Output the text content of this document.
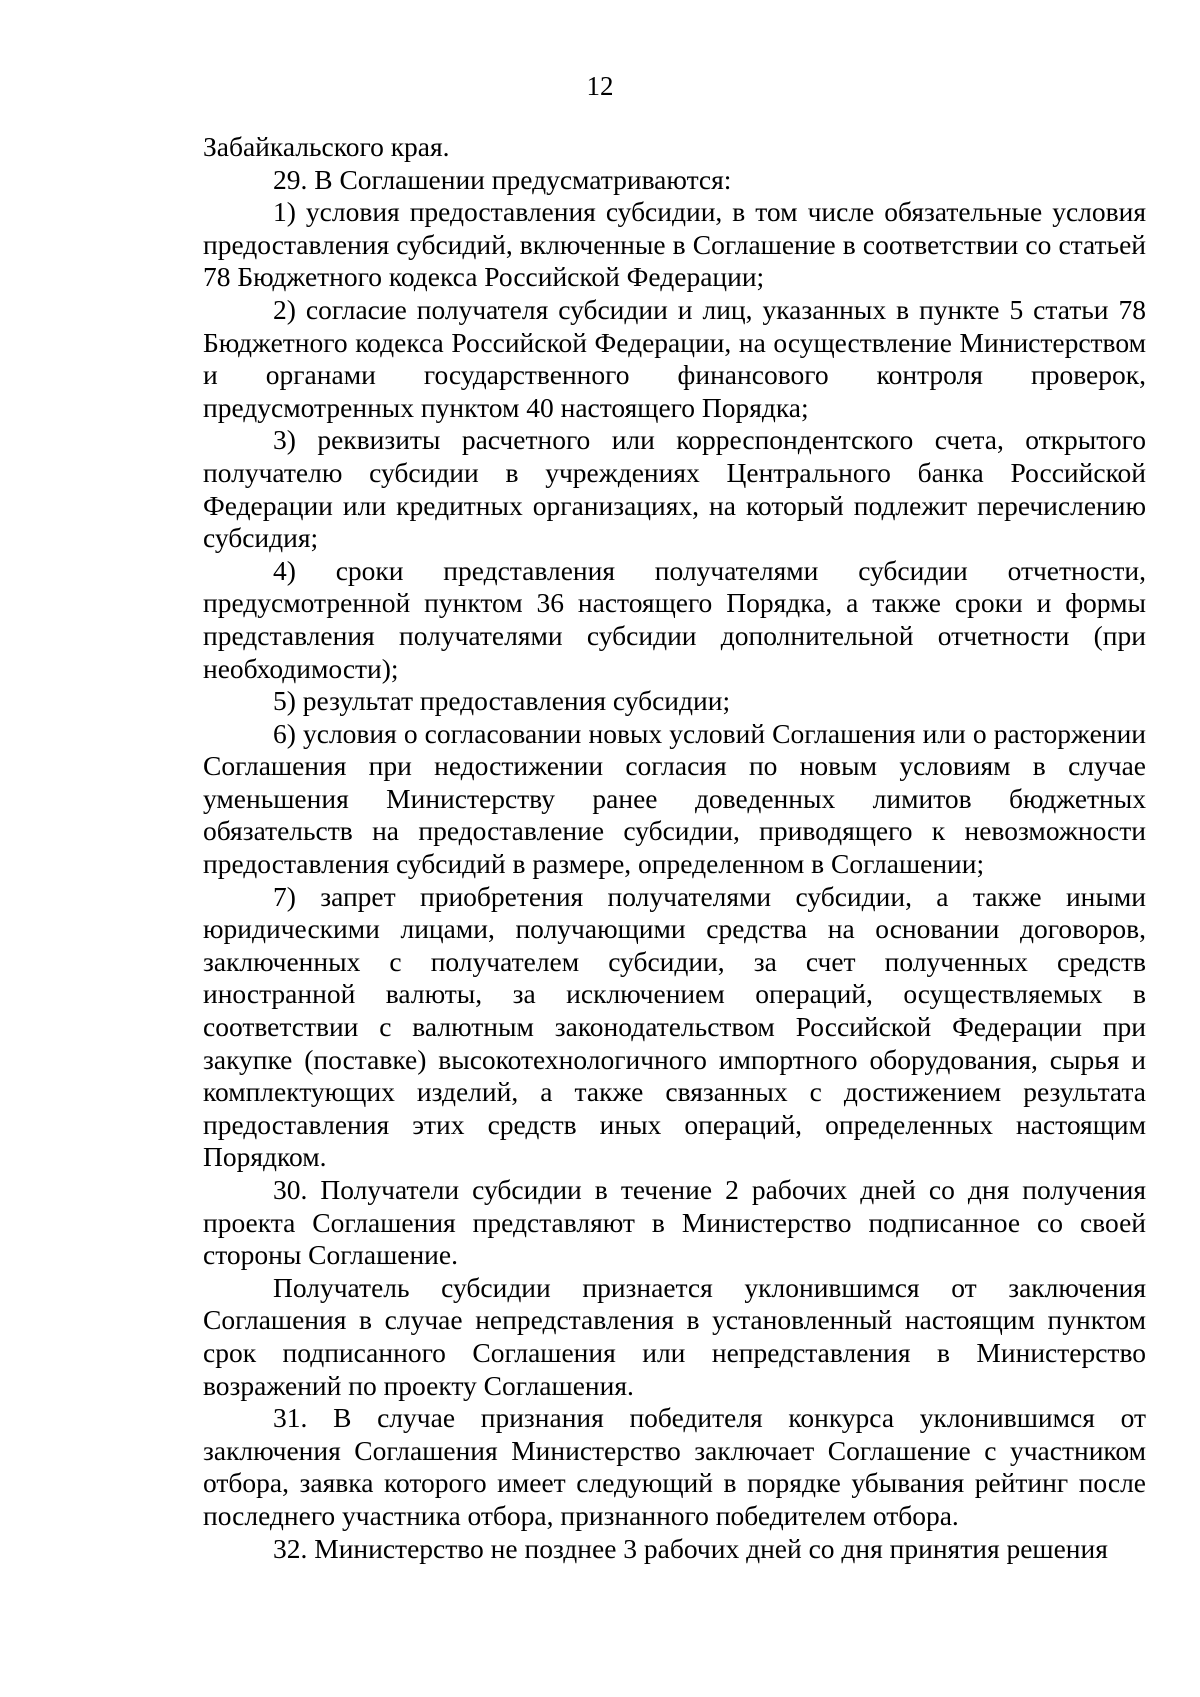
12

Забайкальского края.

29. В Соглашении предусматриваются:

1) условия предоставления субсидии, в том числе обязательные условия предоставления субсидий, включенные в Соглашение в соответствии со статьей 78 Бюджетного кодекса Российской Федерации;

2) согласие получателя субсидии и лиц, указанных в пункте 5 статьи 78 Бюджетного кодекса Российской Федерации, на осуществление Министерством и органами государственного финансового контроля проверок, предусмотренных пунктом 40 настоящего Порядка;

3) реквизиты расчетного или корреспондентского счета, открытого получателю субсидии в учреждениях Центрального банка Российской Федерации или кредитных организациях, на который подлежит перечислению субсидия;

4) сроки представления получателями субсидии отчетности, предусмотренной пунктом 36 настоящего Порядка, а также сроки и формы представления получателями субсидии дополнительной отчетности (при необходимости);

5) результат предоставления субсидии;

6) условия о согласовании новых условий Соглашения или о расторжении Соглашения при недостижении согласия по новым условиям в случае уменьшения Министерству ранее доведенных лимитов бюджетных обязательств на предоставление субсидии, приводящего к невозможности предоставления субсидий в размере, определенном в Соглашении;

7) запрет приобретения получателями субсидии, а также иными юридическими лицами, получающими средства на основании договоров, заключенных с получателем субсидии, за счет полученных средств иностранной валюты, за исключением операций, осуществляемых в соответствии с валютным законодательством Российской Федерации при закупке (поставке) высокотехнологичного импортного оборудования, сырья и комплектующих изделий, а также связанных с достижением результата предоставления этих средств иных операций, определенных настоящим Порядком.

30. Получатели субсидии в течение 2 рабочих дней со дня получения проекта Соглашения представляют в Министерство подписанное со своей стороны Соглашение.

Получатель субсидии признается уклонившимся от заключения Соглашения в случае непредставления в установленный настоящим пунктом срок подписанного Соглашения или непредставления в Министерство возражений по проекту Соглашения.

31. В случае признания победителя конкурса уклонившимся от заключения Соглашения Министерство заключает Соглашение с участником отбора, заявка которого имеет следующий в порядке убывания рейтинг после последнего участника отбора, признанного победителем отбора.

32. Министерство не позднее 3 рабочих дней со дня принятия решения
